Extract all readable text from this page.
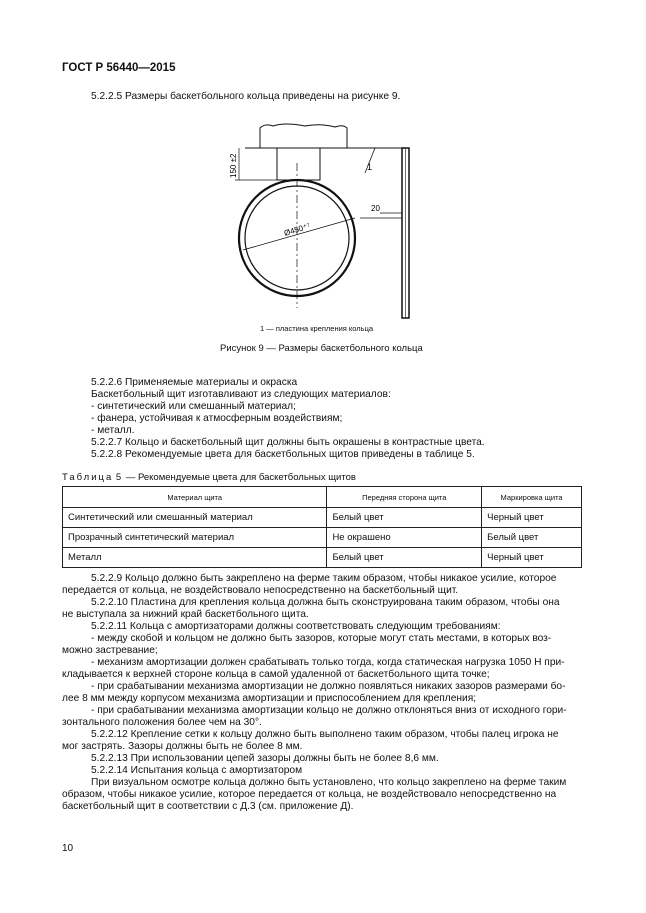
ГОСТ Р 56440—2015
5.2.2.5 Размеры баскетбольного кольца приведены на рисунке 9.
150 ±2
Ø450⁺⁷
20
1
1 — пластина крепления кольца
Рисунок 9 — Размеры баскетбольного кольца
5.2.2.6 Применяемые материалы и окраска
Баскетбольный щит изготавливают из следующих материалов:
- синтетический или смешанный материал;
- фанера, устойчивая к атмосферным воздействиям;
- металл.
5.2.2.7 Кольцо и баскетбольный щит должны быть окрашены в контрастные цвета.
5.2.2.8 Рекомендуемые цвета для баскетбольных щитов приведены в таблице 5.
Таблица 5 — Рекомендуемые цвета для баскетбольных щитов
Материал щита	Передняя сторона щита	Маркировка щита
Синтетический или смешанный материал	Белый цвет	Черный цвет
Прозрачный синтетический материал	Не окрашено	Белый цвет
Металл	Белый цвет	Черный цвет
5.2.2.9 Кольцо должно быть закреплено на ферме таким образом, чтобы никакое усилие, которое
передается от кольца, не воздействовало непосредственно на баскетбольный щит.
5.2.2.10 Пластина для крепления кольца должна быть сконструирована таким образом, чтобы она
не выступала за нижний край баскетбольного щита.
5.2.2.11 Кольца с амортизаторами должны соответствовать следующим требованиям:
- между скобой и кольцом не должно быть зазоров, которые могут стать местами, в которых воз-
можно застревание;
- механизм амортизации должен срабатывать только тогда, когда статическая нагрузка 1050 Н при-
кладывается к верхней стороне кольца в самой удаленной от баскетбольного щита точке;
- при срабатывании механизма амортизации не должно появляться никаких зазоров размерами бо-
лее 8 мм между корпусом механизма амортизации и приспособлением для крепления;
- при срабатывании механизма амортизации кольцо не должно отклоняться вниз от исходного гори-
зонтального положения более чем на 30°.
5.2.2.12 Крепление сетки к кольцу должно быть выполнено таким образом, чтобы палец игрока не
мог застрять. Зазоры должны быть не более 8 мм.
5.2.2.13 При использовании цепей зазоры должны быть не более 8,6 мм.
5.2.2.14 Испытания кольца с амортизатором
При визуальном осмотре кольца должно быть установлено, что кольцо закреплено на ферме таким
образом, чтобы никакое усилие, которое передается от кольца, не воздействовало непосредственно на
баскетбольный щит в соответствии с Д.3 (см. приложение Д).
10
